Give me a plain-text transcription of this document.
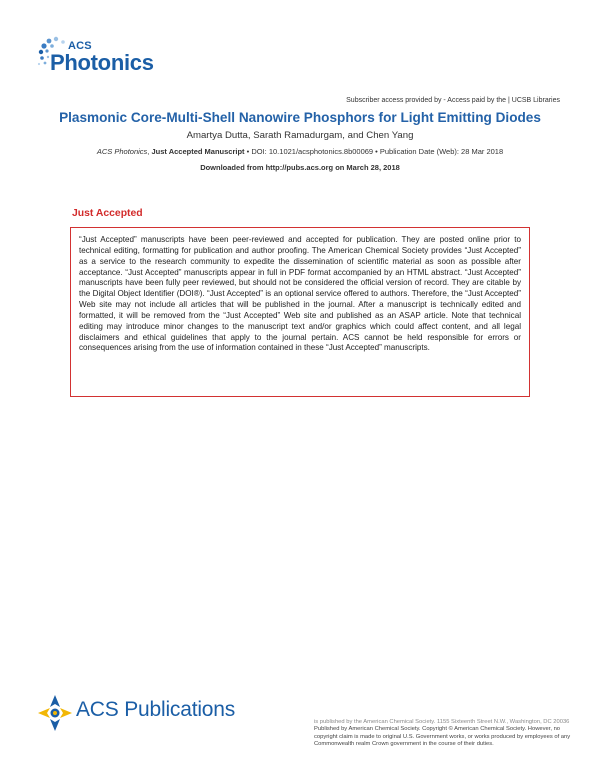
ACS
Photonics
Subscriber access provided by - Access paid by the | UCSB Libraries
Plasmonic Core-Multi-Shell Nanowire Phosphors for Light Emitting Diodes
Amartya Dutta, Sarath Ramadurgam, and Chen Yang
ACS Photonics, Just Accepted Manuscript • DOI: 10.1021/acsphotonics.8b00069 • Publication Date (Web): 28 Mar 2018
Downloaded from http://pubs.acs.org on March 28, 2018
Just Accepted

“Just Accepted” manuscripts have been peer-reviewed and accepted for publication. They are posted online prior to technical editing, formatting for publication and author proofing. The American Chemical Society provides “Just Accepted” as a service to the research community to expedite the dissemination of scientific material as soon as possible after acceptance. “Just Accepted” manuscripts appear in full in PDF format accompanied by an HTML abstract. “Just Accepted” manuscripts have been fully peer reviewed, but should not be considered the official version of record. They are citable by the Digital Object Identifier (DOI®). “Just Accepted” is an optional service offered to authors. Therefore, the “Just Accepted” Web site may not include all articles that will be published in the journal. After a manuscript is technically edited and formatted, it will be removed from the “Just Accepted” Web site and published as an ASAP article. Note that technical editing may introduce minor changes to the manuscript text and/or graphics which could affect content, and all legal disclaimers and ethical guidelines that apply to the journal pertain. ACS cannot be held responsible for errors or consequences arising from the use of information contained in these “Just Accepted” manuscripts.

ACS Publications
is published by the American Chemical Society. 1155 Sixteenth Street N.W., Washington, DC 20036
Published by American Chemical Society. Copyright © American Chemical Society. However, no copyright claim is made to original U.S. Government works, or works produced by employees of any Commonwealth realm Crown government in the course of their duties.
